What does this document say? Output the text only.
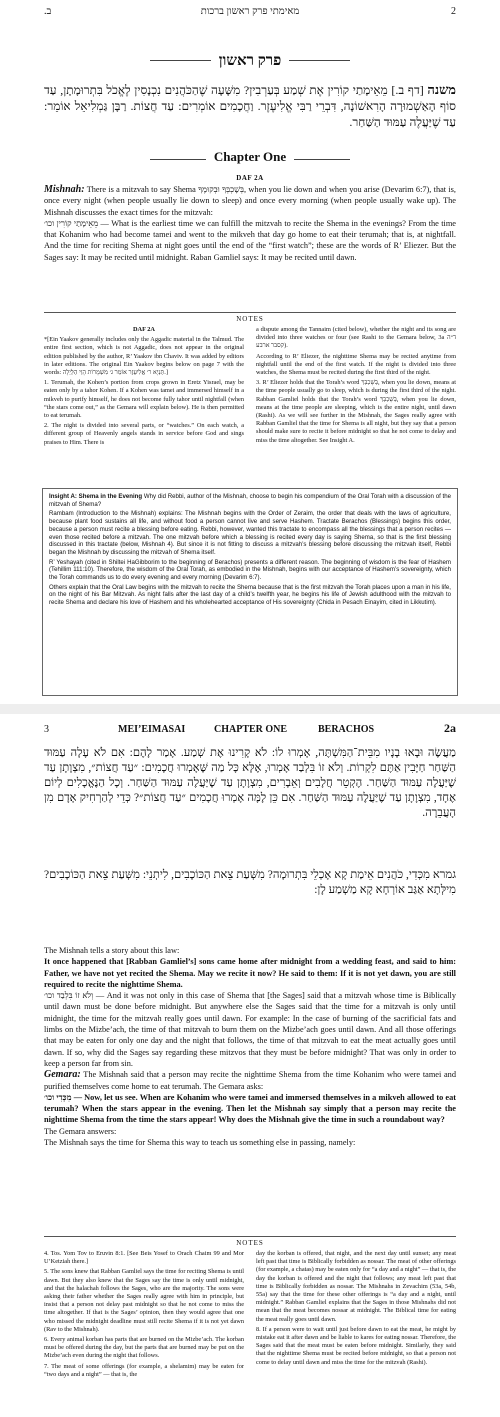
ב.	מאימתי פרק ראשון ברכות	2
פרק ראשון
משנה [דף ב.] מֵאֵימָתַי קוֹרִין אֶת שְׁמַע בְּעַרְבִין? מִשָּׁעָה שֶׁהַכֹּהֲנִים נִכְנָסִין לֶאֱכֹל בִּתְרוּמָתָן, עַד סוֹף הָאַשְׁמוּרָה הָרִאשׁוֹנָה, דִּבְרֵי רַבִּי אֱלִיעֶזֶר. וַחֲכָמִים אוֹמְרִים: עַד חֲצוֹת. רַבָּן גַּמְלִיאֵל אוֹמֵר: עַד שֶׁיַּעֲלֶה עַמּוּד הַשַּׁחַר.
Chapter One
DAF 2A
Mishnah: There is a mitzvah to say Shema בְּשָׁכְבְּךָ וּבְקוּמֶךָ, when you lie down and when you arise (Devarim 6:7), that is, once every night (when people usually lie down to sleep) and once every morning (when people usually wake up). The Mishnah discusses the exact times for the mitzvah:
מֵאֵימָתַי קוֹרִין וכו׳ — What is the earliest time we can fulfill the mitzvah to recite the Shema in the evenings? From the time that Kohanim who had become tamei and went to the mikveh that day go home to eat their terumah; that is, at nightfall. And the time for reciting Shema at night goes until the end of the “first watch”; these are the words of R’ Eliezer. But the Sages say: It may be recited until midnight. Raban Gamliel says: It may be recited until dawn.
NOTES

DAF 2A

*[Ein Yaakov generally includes only the Aggadic material in the Talmud. The entire first section, which is not Aggadic, does not appear in the original edition published by the author, R’ Yaakov ibn Chaviv. It was added by editors in later editions. The original Ein Yaakov begins below on page 7 with the words: תַּנְיָא ר׳ אֱלִיעֶזֶר אוֹמֵר ג׳ מִשְׁמָרוֹת הָוֵי הַלַּיְלָה.]

1. Terumah, the Kohen’s portion from crops grown in Eretz Yisrael, may be eaten only by a tahor Kohen. If a Kohen was tamei and immersed himself in a mikveh to purify himself, he does not become fully tahor until nightfall (when “the stars come out,” as the Gemara will explain below). He is then permitted to eat terumah.

2. The night is divided into several parts, or “watches.” On each watch, a different group of Heavenly angels stands in service before God and sings praises to Him. There is

a dispute among the Tannaim (cited below), whether the night and its song are divided into three watches or four (see Rashi to the Gemara below, 3a ד״ה קסבר ארבע).

According to R’ Eliezer, the nighttime Shema may be recited anytime from nightfall until the end of the first watch. If the night is divided into three watches, the Shema must be recited during the first third of the night.

3. R’ Eliezer holds that the Torah’s word בְּשָׁכְבְּךָ, when you lie down, means at the time people usually go to sleep, which is during the first third of the night. Rabban Gamliel holds that the Torah’s word בְּשָׁכְבְּךָ, when you lie down, means at the time people are sleeping, which is the entire night, until dawn (Rashi). As we will see further in the Mishnah, the Sages really agree with Rabban Gamliel that the time for Shema is all night, but they say that a person should make sure to recite it before midnight so that he not come to delay and miss the time altogether. See Insight A.

Insight A: Shema in the Evening Why did Rebbi, author of the Mishnah, choose to begin his compendium of the Oral Torah with a discussion of the mitzvah of Shema?

Rambam (Introduction to the Mishnah) explains: The Mishnah begins with the Order of Zeraim, the order that deals with the laws of agriculture, because plant food sustains all life, and without food a person cannot live and serve Hashem. Tractate Berachos (Blessings) begins this order, because a person must recite a blessing before eating. Rebbi, however, wanted this tractate to encompass all the blessings that a person recites — even those recited before a mitzvah. The one mitzvah before which a blessing is recited every day is saying Shema, so that is the first blessing discussed in this tractate (below, Mishnah 4). But since it is not fitting to discuss a mitzvah’s blessing before discussing the mitzvah itself, Rebbi began the Mishnah by discussing the mitzvah of Shema itself.

R’ Yeshayah (cited in Shiltei HaGibborim to the beginning of Berachos) presents a different reason. The beginning of wisdom is the fear of Hashem (Tehillim 111:10). Therefore, the wisdom of the Oral Torah, as embodied in the Mishnah, begins with our acceptance of Hashem’s sovereignty, which the Torah commands us to do every evening and every morning (Devarim 6:7).

Others explain that the Oral Law begins with the mitzvah to recite the Shema because that is the first mitzvah the Torah places upon a man in his life, on the night of his Bar Mitzvah. As night falls after the last day of a child’s twelfth year, he begins his life of Jewish adulthood with the mitzvah to recite Shema and declare his love of Hashem and his wholehearted acceptance of His sovereignty (Chida in Pesach Einayim, cited in Likkutim).

3	MEI’EIMASAI	CHAPTER ONE	BERACHOS	2a
מַעֲשֶׂה וּבָאוּ בָנָיו מִבֵּית־הַמִּשְׁתֶּה, אָמְרוּ לוֹ: לֹא קָרִינוּ אֶת שְׁמַע. אָמַר לָהֶם: אִם לֹא עָלָה עַמּוּד הַשַּׁחַר חַיָּבִין אַתֶּם לִקְרוֹת. וְלֹא זוֹ בִּלְבַד אָמְרוּ, אֶלָּא כָּל מַה שֶּׁאָמְרוּ חֲכָמִים: ״עַד חֲצוֹת״, מִצְוָתָן עַד שֶׁיַּעֲלֶה עַמּוּד הַשַּׁחַר. הֶקְטֵר חֲלָבִים וְאֵבָרִים, מִצְוָתָן עַד שֶׁיַּעֲלֶה עַמּוּד הַשַּׁחַר. וְכָל הַנֶּאֱכָלִים לְיוֹם אֶחָד, מִצְוָתָן עַד שֶׁיַּעֲלֶה עַמּוּד הַשַּׁחַר. אִם כֵּן לָמָּה אָמְרוּ חֲכָמִים ״עַד חֲצוֹת״? כְּדֵי לְהַרְחִיק אָדָם מִן הָעֲבֵרָה.
גמרא מִכְּדִי, כֹּהֲנִים אֵימַת קָא אָכְלֵי בִּתְרוּמָה? מִשְּׁעַת צֵאת הַכּוֹכָבִים, לִיתְנֵי: מִשְּׁעַת צֵאת הַכּוֹכָבִים? מִילְּתָא אַגַּב אוֹרְחָא קָא מַשְׁמַע לָן:
The Mishnah tells a story about this law:
It once happened that [Rabban Gamliel’s] sons came home after midnight from a wedding feast, and said to him: Father, we have not yet recited the Shema. May we recite it now? He said to them: If it is not yet dawn, you are still required to recite the nighttime Shema.
וְלֹא זוֹ בִּלְבַד וכו׳ — And it was not only in this case of Shema that [the Sages] said that a mitzvah whose time is Biblically until dawn must be done before midnight. But anywhere else the Sages said that the time for a mitzvah is only until midnight, the time for the mitzvah really goes until dawn. For example: In the case of burning of the sacrificial fats and limbs on the Mizbe’ach, the time of that mitzvah to burn them on the Mizbe’ach goes until dawn. And all those offerings that may be eaten for only one day and the night that follows, the time of that mitzvah to eat the meat actually goes until dawn. If so, why did the Sages say regarding these mitzvos that they must be before midnight? That was only in order to keep a person far from sin.
Gemara: The Mishnah said that a person may recite the nighttime Shema from the time Kohanim who were tamei and purified themselves come home to eat terumah. The Gemara asks:
מִכְּדִי וכו׳ — Now, let us see. When are Kohanim who were tamei and immersed themselves in a mikveh allowed to eat terumah? When the stars appear in the evening. Then let the Mishnah say simply that a person may recite the nighttime Shema from the time the stars appear! Why does the Mishnah give the time in such a roundabout way?
The Gemara answers:
The Mishnah says the time for Shema this way to teach us something else in passing, namely:
NOTES

4. Tos. Yom Tov to Eruvin 8:1. [See Beis Yosef to Orach Chaim 99 and Mor U’Ketziah there.]

5. The sons knew that Rabban Gamliel says the time for reciting Shema is until dawn. But they also knew that the Sages say the time is only until midnight, and that the halachah follows the Sages, who are the majority. The sons were asking their father whether the Sages really agree with him in principle, but insist that a person not delay past midnight so that he not come to miss the time altogether. If that is the Sages’ opinion, then they would agree that one who missed the midnight deadline must still recite Shema if it is not yet dawn (Rav to the Mishnah).

6. Every animal korban has parts that are burned on the Mizbe’ach. The korban must be offered during the day, but the parts that are burned may be put on the Mizbe’ach even during the night that follows.

7. The meat of some offerings (for example, a shelamim) may be eaten for “two days and a night” — that is, the

day the korban is offered, that night, and the next day until sunset; any meat left past that time is Biblically forbidden as nossar. The meat of other offerings (for example, a chatas) may be eaten only for “a day and a night” — that is, the day the korban is offered and the night that follows; any meat left past that time is Biblically forbidden as nossar. The Mishnahs in Zevachim (53a, 54b, 55a) say that the time for these other offerings is “a day and a night, until midnight.” Rabban Gamliel explains that the Sages in those Mishnahs did not mean that the meat becomes nossar at midnight. The Biblical time for eating the meat really goes until dawn.

8. If a person were to wait until just before dawn to eat the meat, he might by mistake eat it after dawn and be liable to kares for eating nossar. Therefore, the Sages said that the meat must be eaten before midnight. Similarly, they said that the nighttime Shema must be recited before midnight, so that a person not come to delay until dawn and miss the time for the mitzvah (Rashi).
